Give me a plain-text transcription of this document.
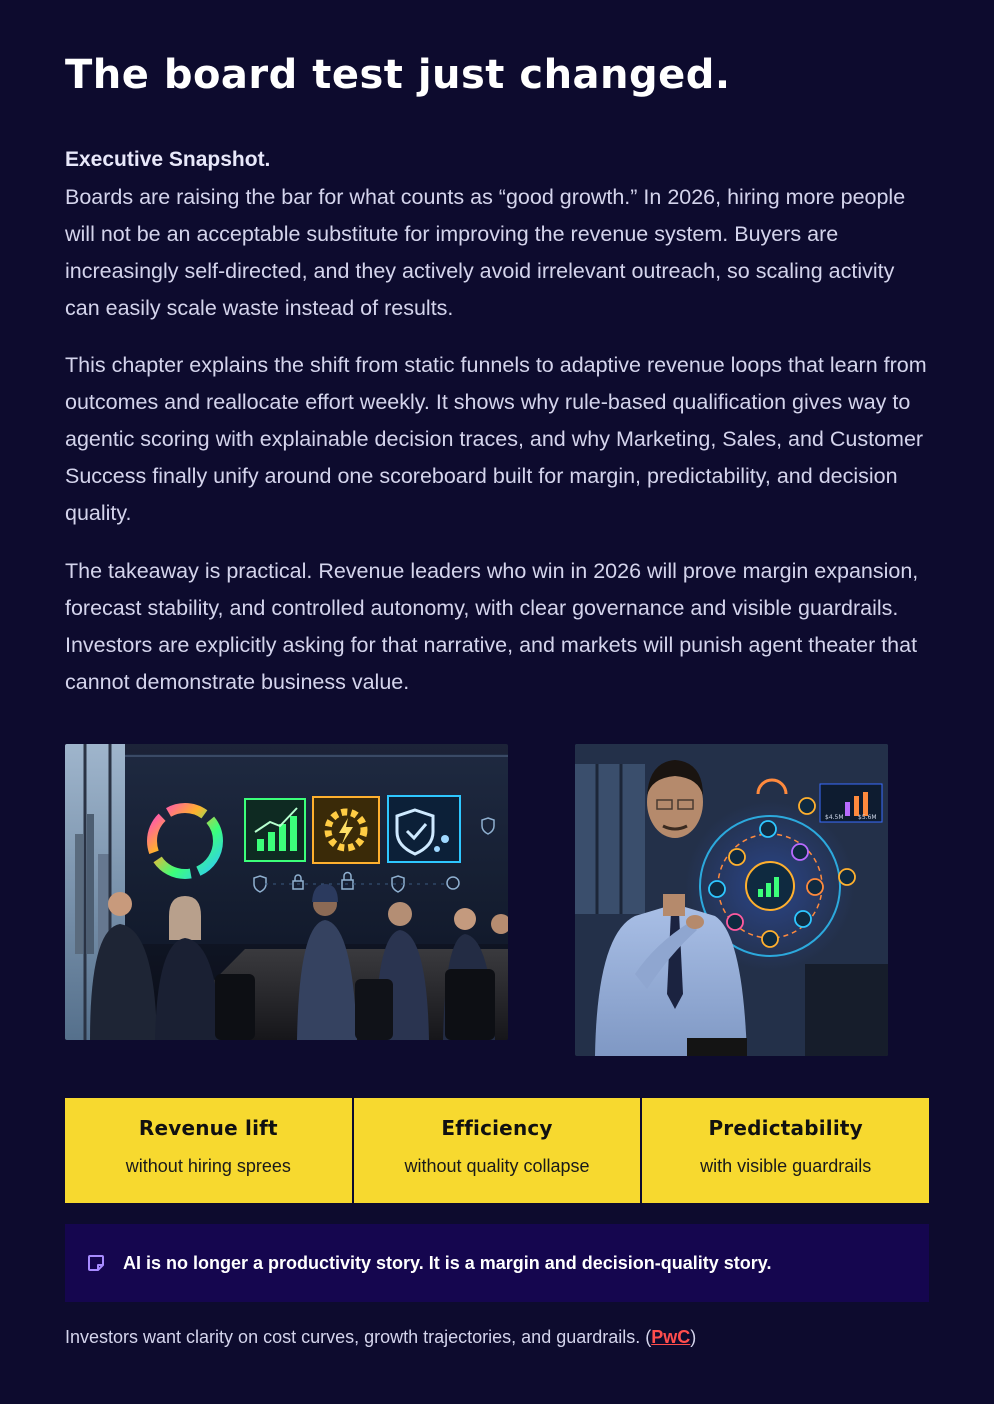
The board test just changed.
Executive Snapshot.

Boards are raising the bar for what counts as “good growth.” In 2026, hiring more people will not be an acceptable substitute for improving the revenue system. Buyers are increasingly self-directed, and they actively avoid irrelevant outreach, so scaling activity can easily scale waste instead of results.

This chapter explains the shift from static funnels to adaptive revenue loops that learn from outcomes and reallocate effort weekly. It shows why rule-based qualification gives way to agentic scoring with explainable decision traces, and why Marketing, Sales, and Customer Success finally unify around one scoreboard built for margin, predictability, and decision quality.

The takeaway is practical. Revenue leaders who win in 2026 will prove margin expansion, forecast stability, and controlled autonomy, with clear governance and visible guardrails. Investors are explicitly asking for that narrative, and markets will punish agent theater that cannot demonstrate business value.

$4.5M $5.6M
Revenue lift
without hiring sprees
Efficiency
without quality collapse
Predictability
with visible guardrails
AI is no longer a productivity story. It is a margin and decision-quality story.
Investors want clarity on cost curves, growth trajectories, and guardrails. (PwC)
